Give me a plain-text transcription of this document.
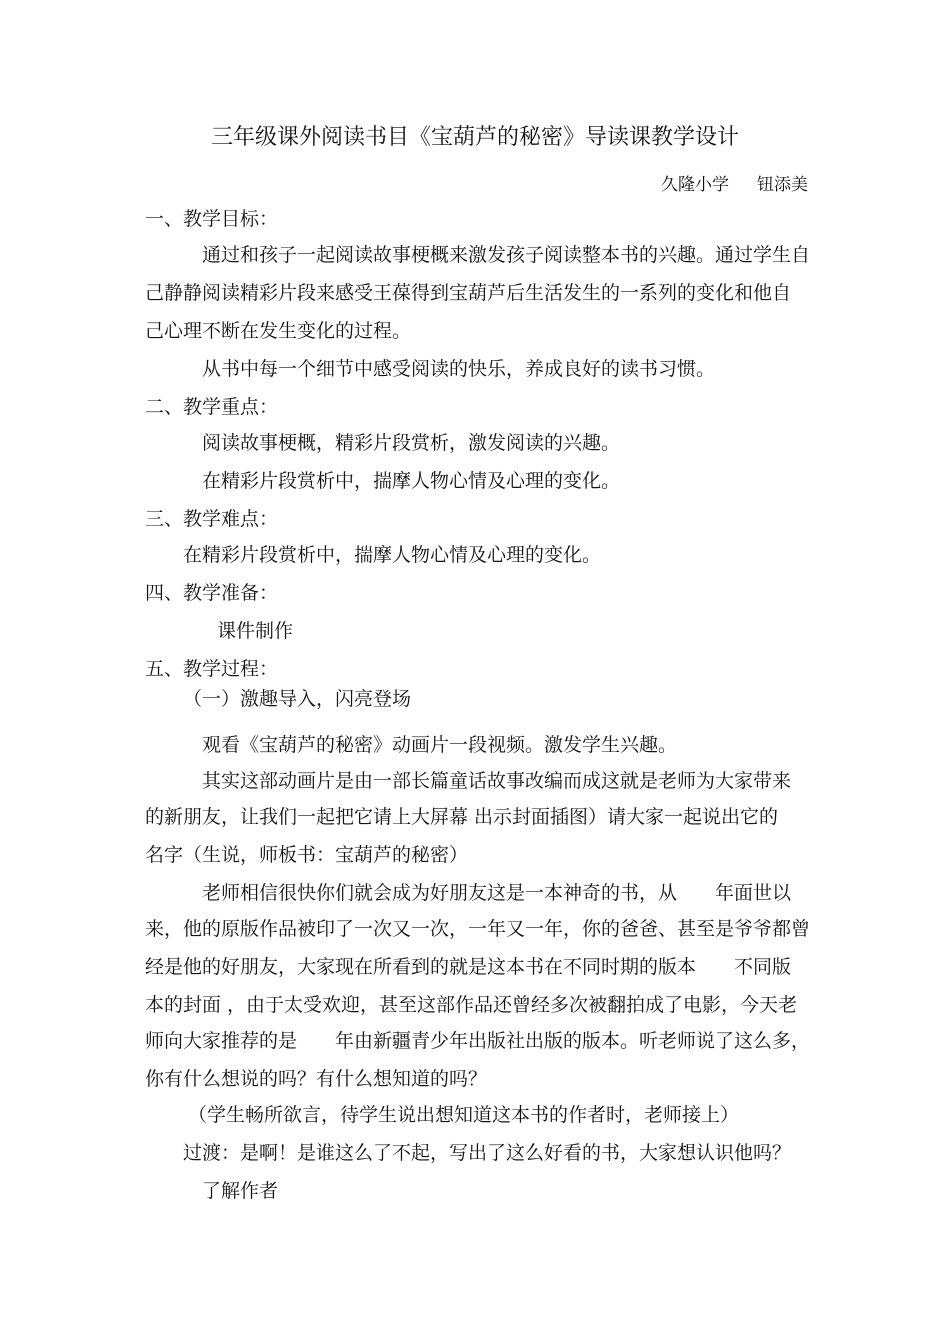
三年级课外阅读书目《宝葫芦的秘密》导读课教学设计
久隆小学 钮添美
一、教学目标：
通过和孩子一起阅读故事梗概来激发孩子阅读整本书的兴趣。通过学生自
己静静阅读精彩片段来感受王葆得到宝葫芦后生活发生的一系列的变化和他自
己心理不断在发生变化的过程。
从书中每一个细节中感受阅读的快乐，养成良好的读书习惯。
二、教学重点：
阅读故事梗概，精彩片段赏析，激发阅读的兴趣。
在精彩片段赏析中，揣摩人物心情及心理的变化。
三、教学难点：
在精彩片段赏析中，揣摩人物心情及心理的变化。
四、教学准备：
课件制作
五、教学过程：
（一）激趣导入，闪亮登场
观看《宝葫芦的秘密》动画片一段视频。激发学生兴趣。
其实这部动画片是由一部长篇童话故事改编而成这就是老师为大家带来
的新朋友，让我们一起把它请上大屏幕 出示封面插图）请大家一起说出它的
名字（生说，师板书：宝葫芦的秘密）
老师相信很快你们就会成为好朋友这是一本神奇的书，从　　年面世以
来，他的原版作品被印了一次又一次，一年又一年，你的爸爸、甚至是爷爷都曾
经是他的好朋友，大家现在所看到的就是这本书在不同时期的版本　　不同版
本的封面 ，由于太受欢迎，甚至这部作品还曾经多次被翻拍成了电影，今天老
师向大家推荐的是　　年由新疆青少年出版社出版的版本。听老师说了这么多，
你有什么想说的吗？有什么想知道的吗？
（学生畅所欲言，待学生说出想知道这本书的作者时，老师接上）
过渡：是啊！是谁这么了不起，写出了这么好看的书，大家想认识他吗？
了解作者
